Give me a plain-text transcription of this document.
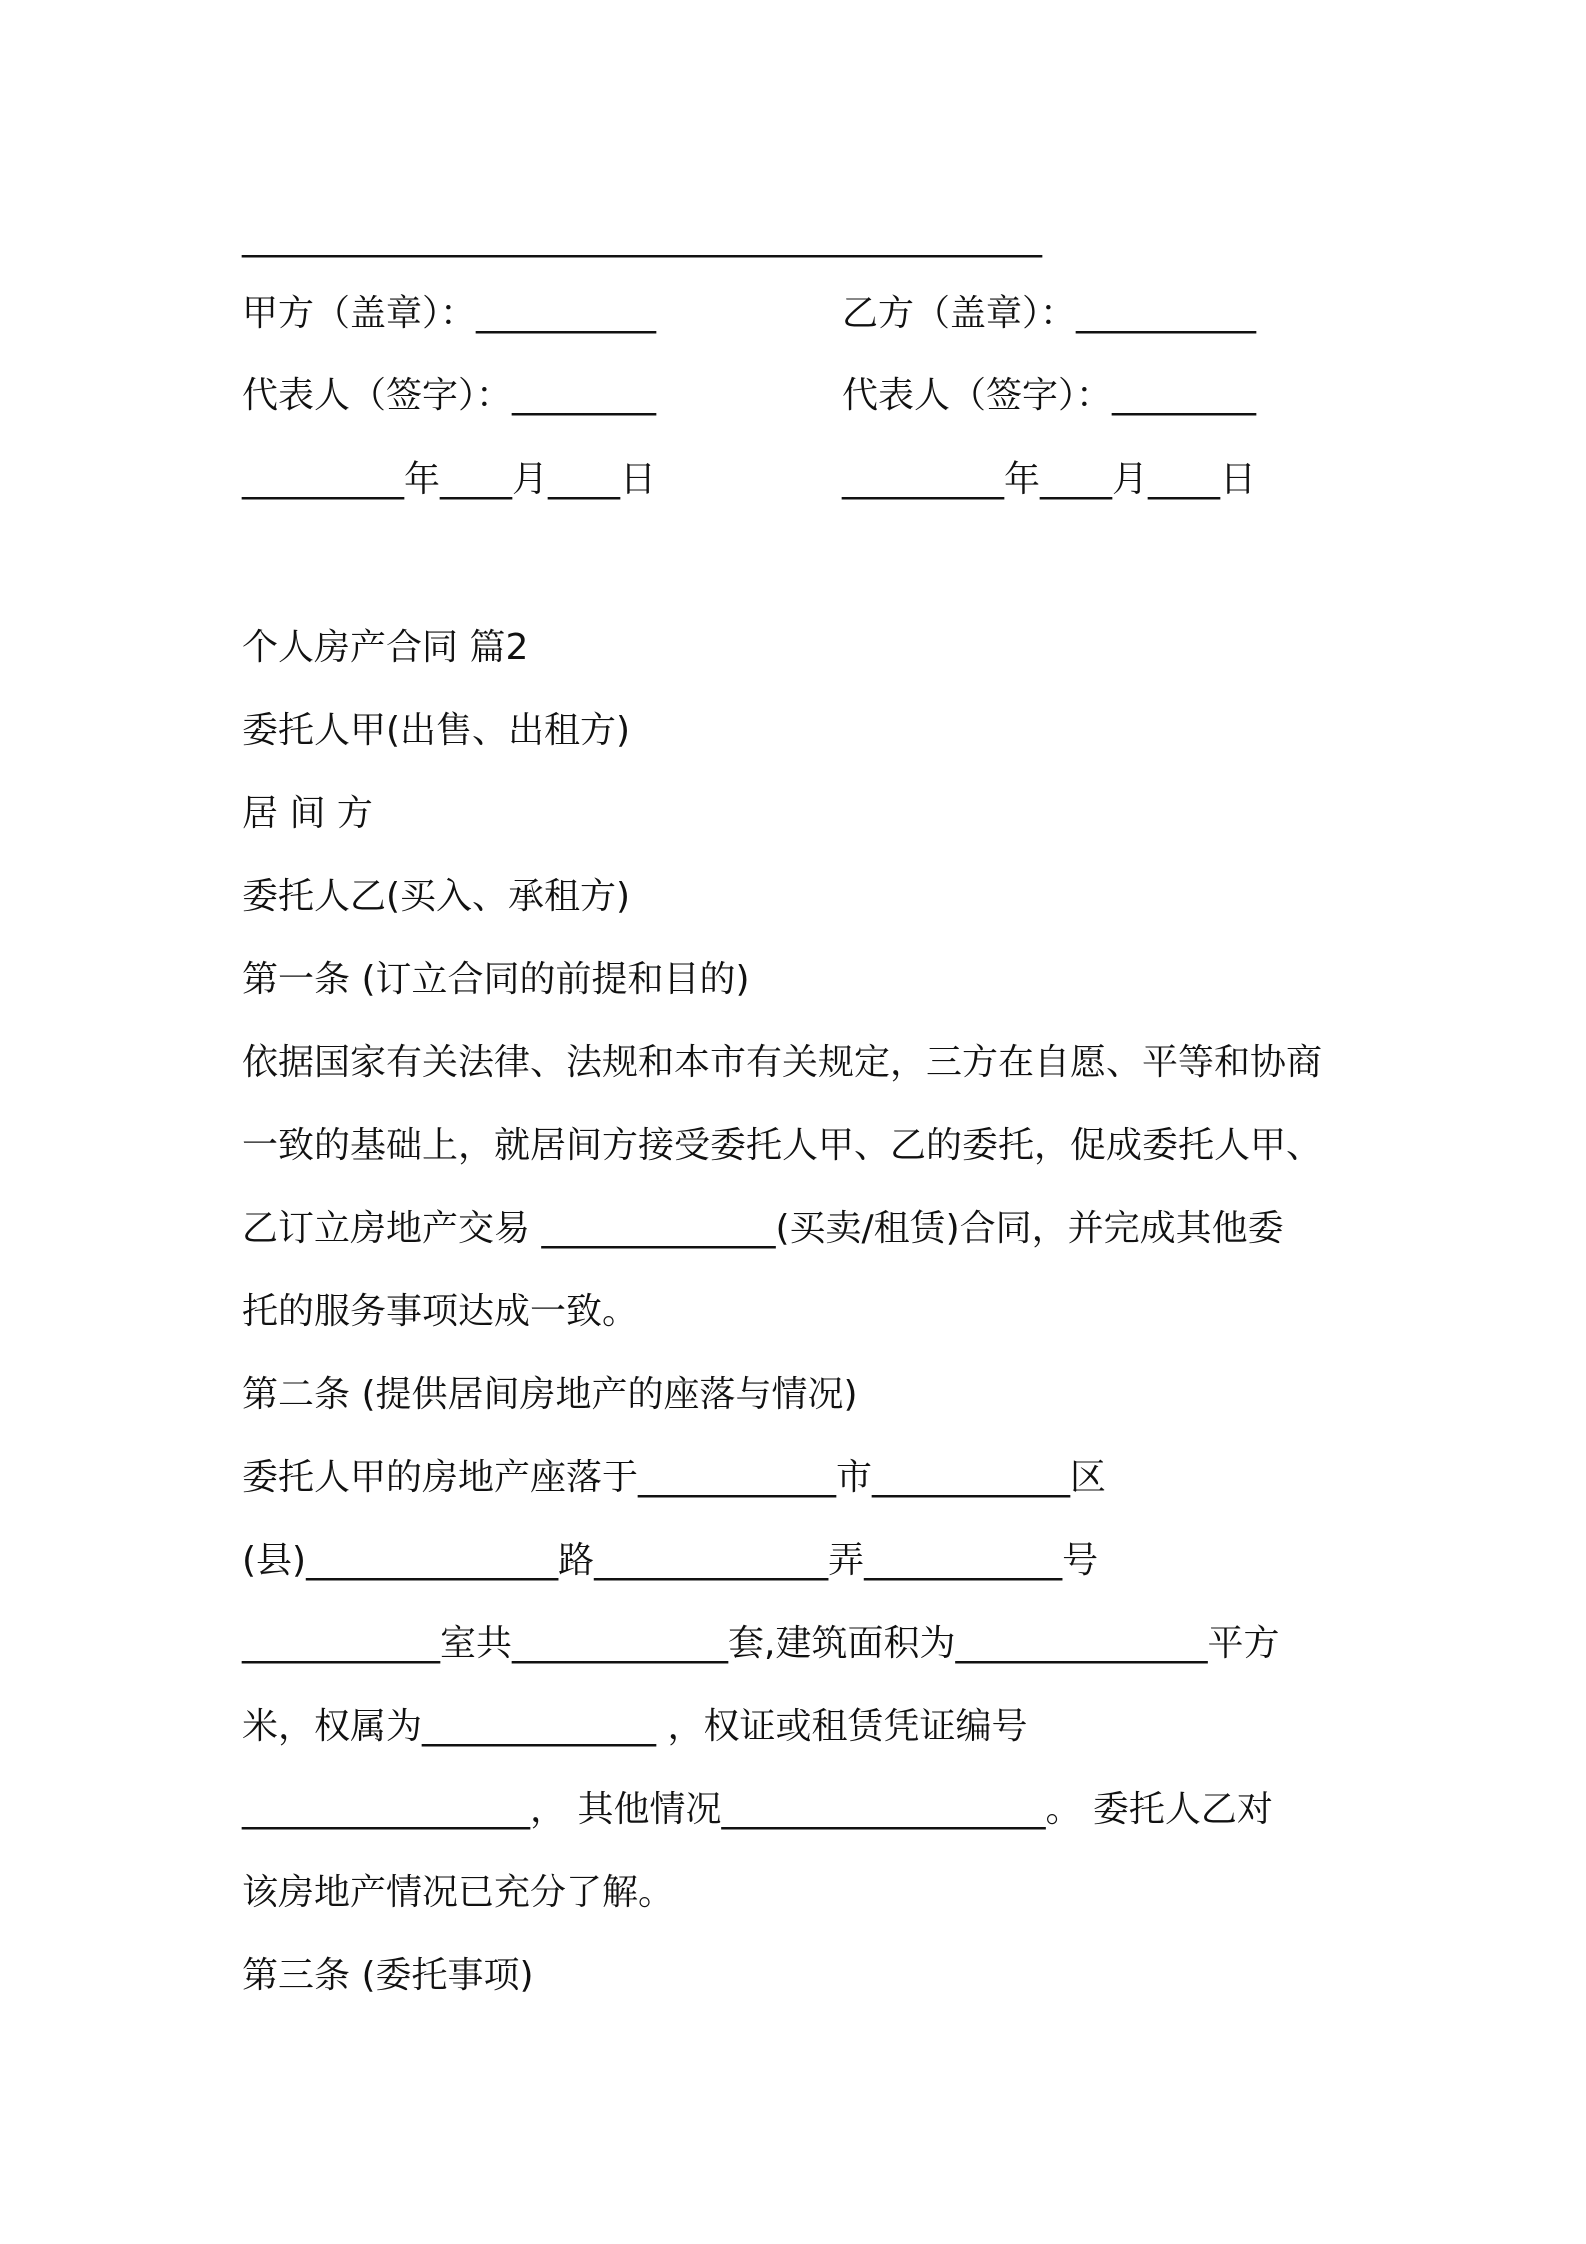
_______________________________________________
甲方（盖章）：__________	乙方（盖章）：__________
代表人（签字）：________	代表人（签字）：________
_________年____月____日	_________年____月____日
个人房产合同 篇2
委托人甲(出售、出租方)
居 间 方
委托人乙(买入、承租方)
第一条 (订立合同的前提和目的)
依据国家有关法律、法规和本市有关规定，三方在自愿、平等和协商
一致的基础上，就居间方接受委托人甲、乙的委托，促成委托人甲、
乙订立房地产交易 _____________(买卖/租赁)合同，并完成其他委
托的服务事项达成一致。
第二条 (提供居间房地产的座落与情况)
委托人甲的房地产座落于___________市___________区
(县)______________路_____________弄___________号
___________室共____________套,建筑面积为______________平方
米，权属为_____________ ，权证或租赁凭证编号
________________， 其他情况__________________。 委托人乙对
该房地产情况已充分了解。
第三条 (委托事项)
